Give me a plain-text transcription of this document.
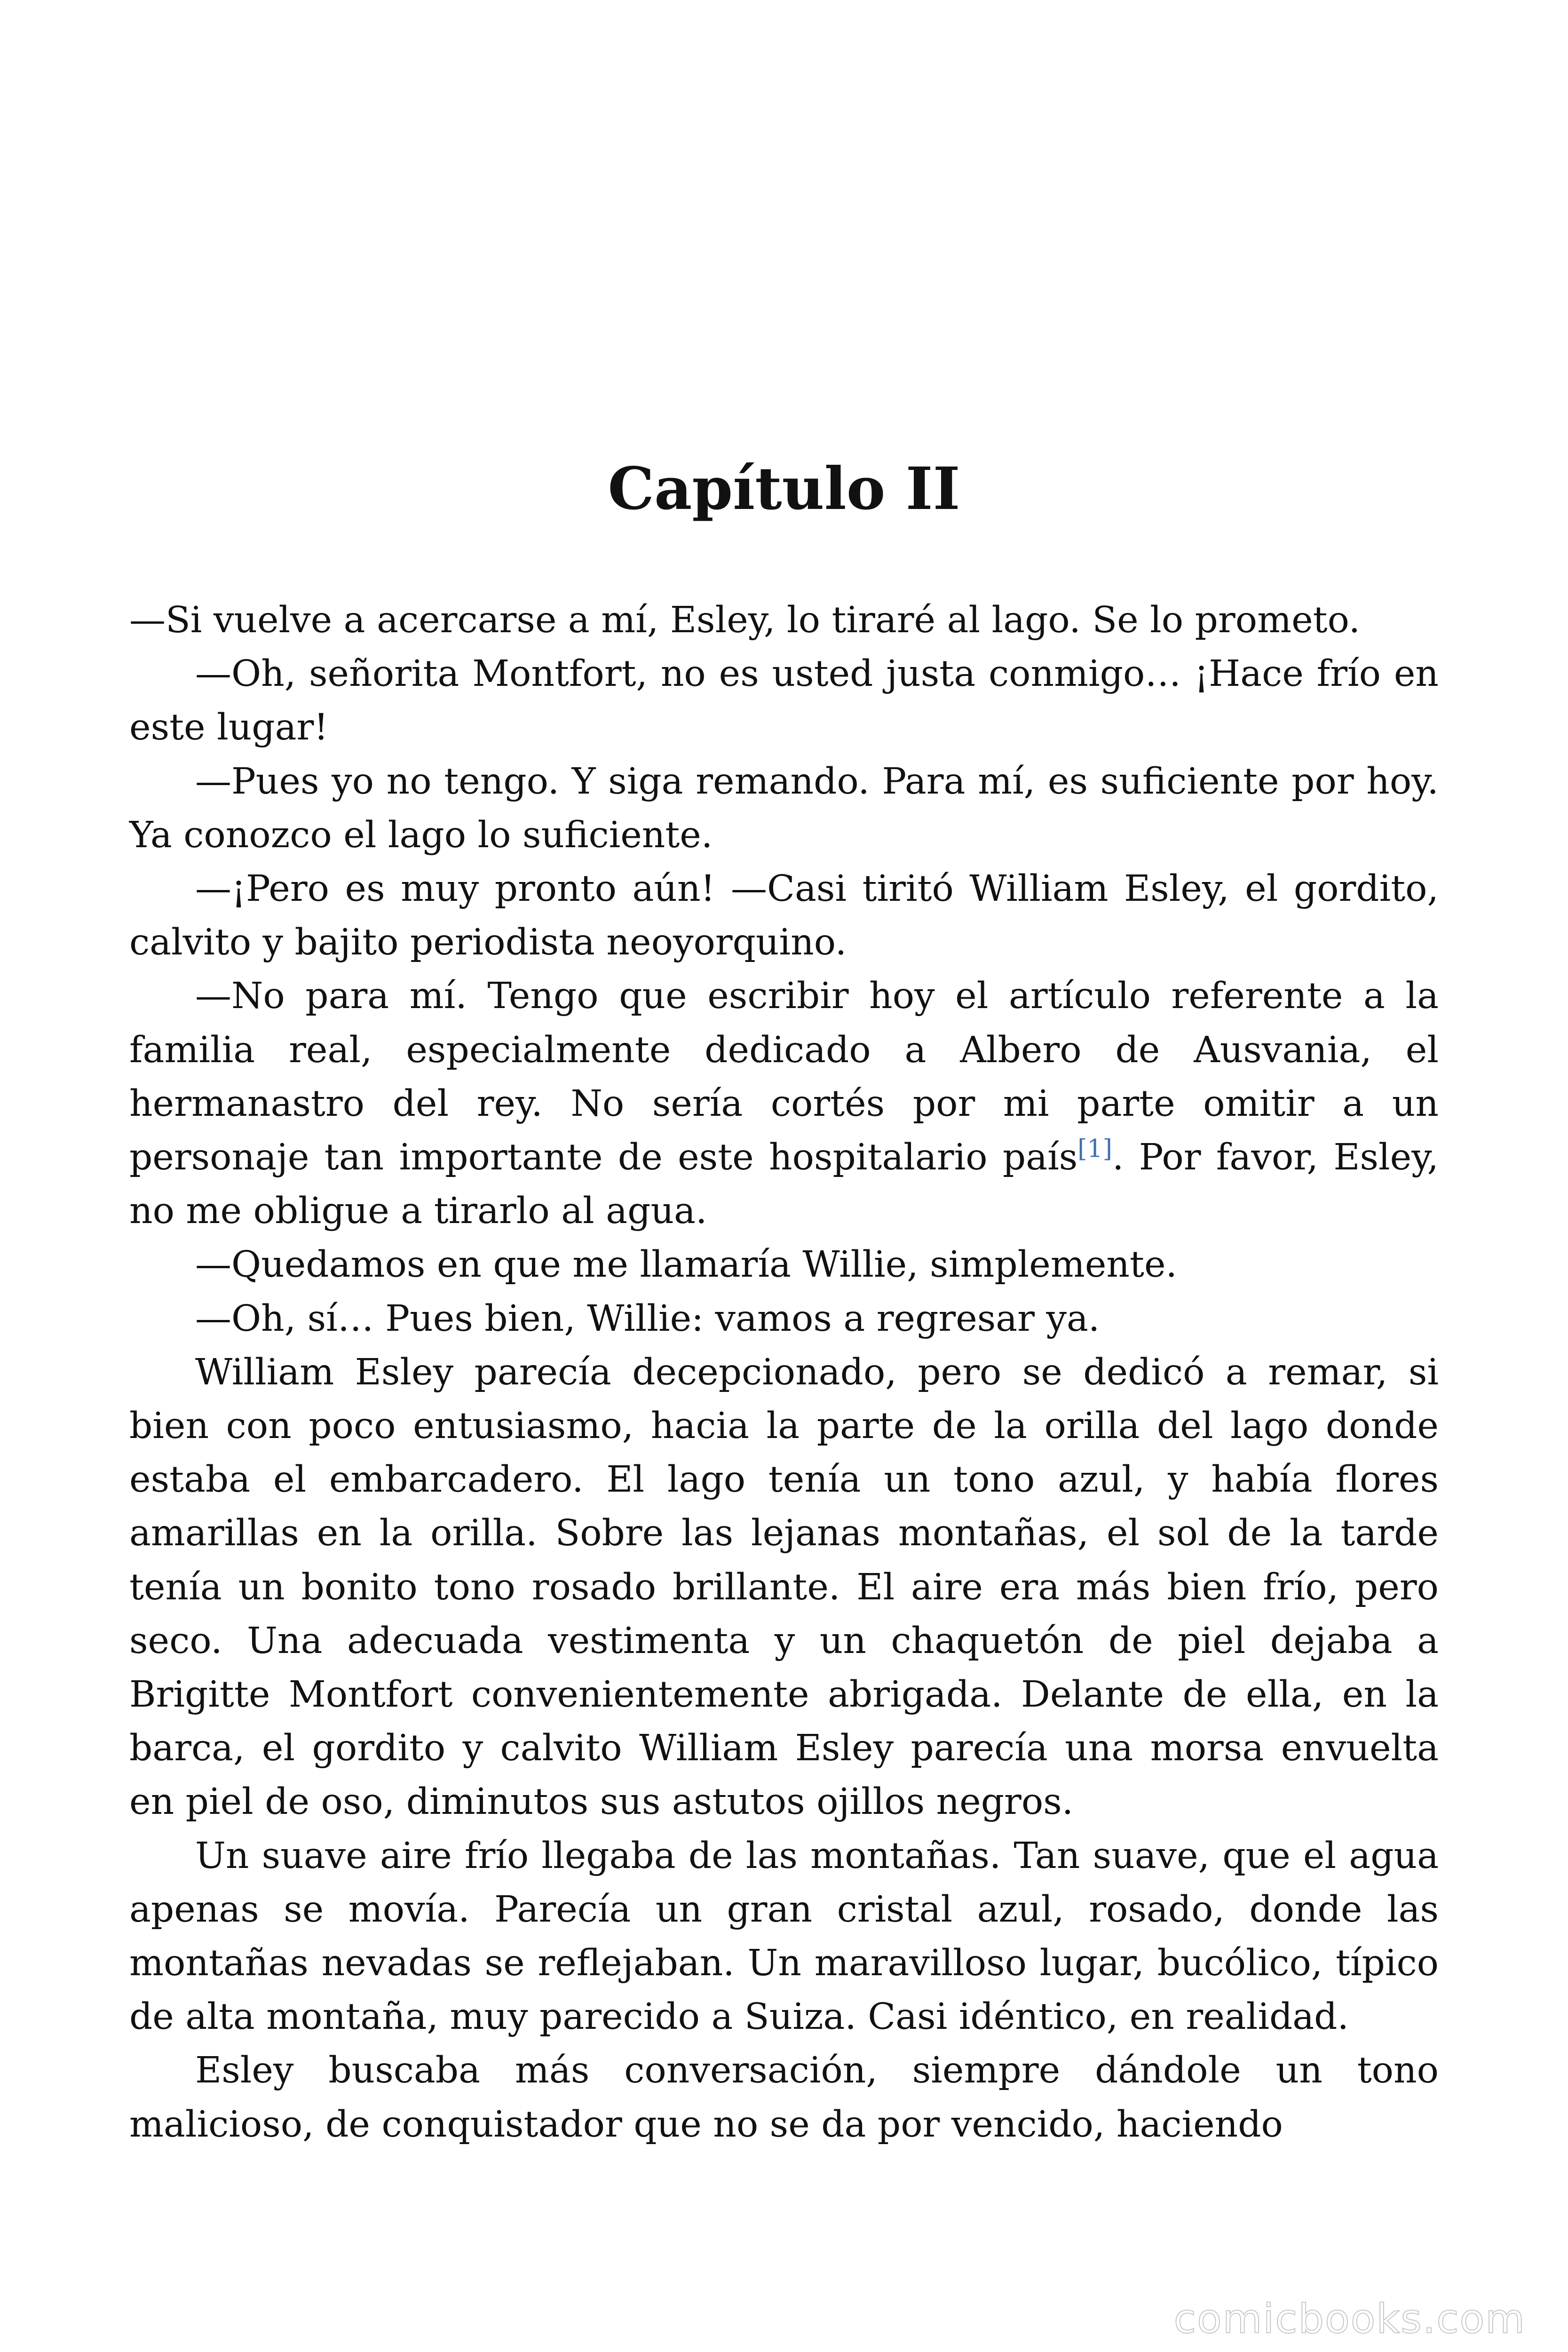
Capítulo II

—Si vuelve a acercarse a mí, Esley, lo tiraré al lago. Se lo prometo.

—Oh, señorita Montfort, no es usted justa conmigo… ¡Hace frío en este lugar!

—Pues yo no tengo. Y siga remando. Para mí, es suficiente por hoy. Ya conozco el lago lo suficiente.

—¡Pero es muy pronto aún! —Casi tiritó William Esley, el gordito, calvito y bajito periodista neoyorquino.

—No para mí. Tengo que escribir hoy el artículo referente a la familia real, especialmente dedicado a Albero de Ausvania, el hermanastro del rey. No sería cortés por mi parte omitir a un personaje tan importante de este hospitalario país[1]. Por favor, Esley, no me obligue a tirarlo al agua.

—Quedamos en que me llamaría Willie, simplemente.

—Oh, sí… Pues bien, Willie: vamos a regresar ya.

William Esley parecía decepcionado, pero se dedicó a remar, si bien con poco entusiasmo, hacia la parte de la orilla del lago donde estaba el embarcadero. El lago tenía un tono azul, y había flores amarillas en la orilla. Sobre las lejanas montañas, el sol de la tarde tenía un bonito tono rosado brillante. El aire era más bien frío, pero seco. Una adecuada vestimenta y un chaquetón de piel dejaba a Brigitte Montfort convenientemente abrigada. Delante de ella, en la barca, el gordito y calvito William Esley parecía una morsa envuelta en piel de oso, diminutos sus astutos ojillos negros.

Un suave aire frío llegaba de las montañas. Tan suave, que el agua apenas se movía. Parecía un gran cristal azul, rosado, donde las montañas nevadas se reflejaban. Un maravilloso lugar, bucólico, típico de alta montaña, muy parecido a Suiza. Casi idéntico, en realidad.

Esley buscaba más conversación, siempre dándole un tono malicioso, de conquistador que no se da por vencido, haciendo

comicbooks.com
